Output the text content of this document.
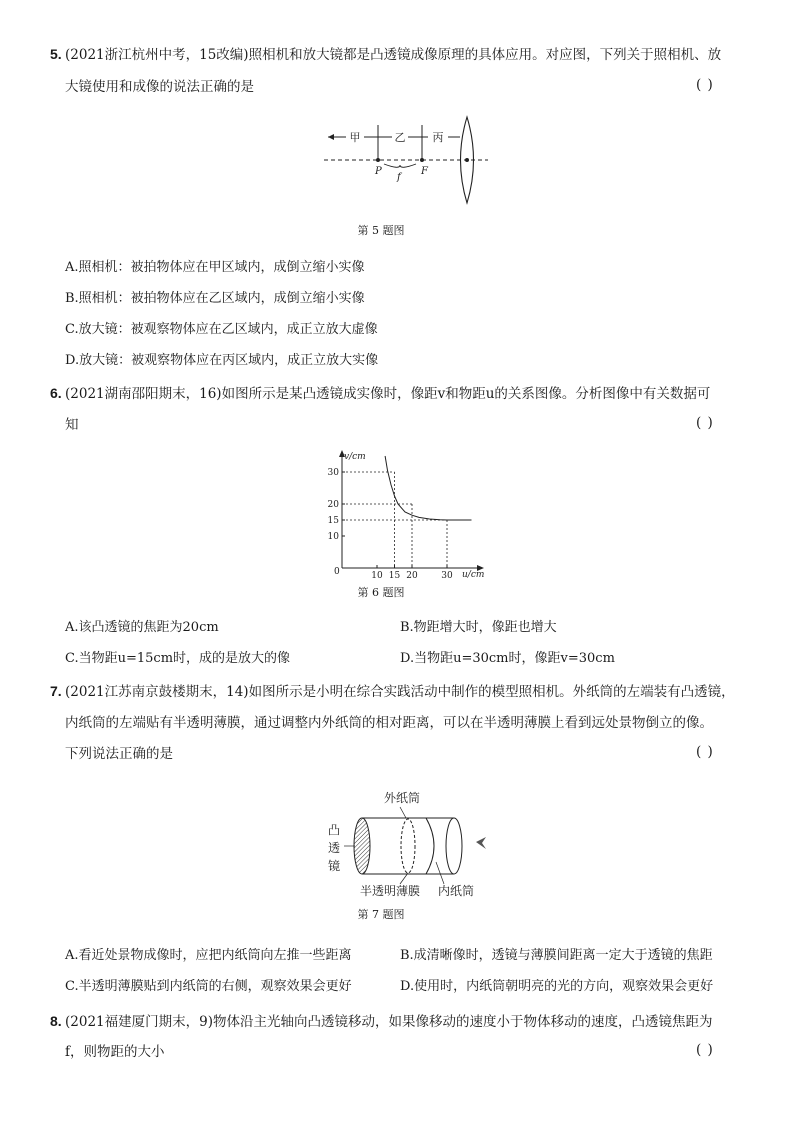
5. (2021浙江杭州中考，15改编)照相机和放大镜都是凸透镜成像原理的具体应用。对应图，下列关于照相机、放
大镜使用和成像的说法正确的是	( )
甲	乙 丙
P	F
f
第 5 题图
A.照相机：被拍物体应在甲区域内，成倒立缩小实像
B.照相机：被拍物体应在乙区域内，成倒立缩小实像
C.放大镜：被观察物体应在乙区域内，成正立放大虚像
D.放大镜：被观察物体应在丙区域内，成正立放大实像
6. (2021湖南邵阳期末，16)如图所示是某凸透镜成实像时，像距v和物距u的关系图像。分析图像中有关数据可
知	( )
v/cm
u/cm
0	10 15 20	30
10
15
20
30
第 6 题图
A.该凸透镜的焦距为20cm	B.物距增大时，像距也增大
C.当物距u=15cm时，成的是放大的像	D.当物距u=30cm时，像距v=30cm
7. (2021江苏南京鼓楼期末，14)如图所示是小明在综合实践活动中制作的模型照相机。外纸筒的左端装有凸透镜，
内纸筒的左端贴有半透明薄膜，通过调整内外纸筒的相对距离，可以在半透明薄膜上看到远处景物倒立的像。
下列说法正确的是	( )
外纸筒
凸
透
镜
半透明薄膜 内纸筒
第 7 题图
A.看近处景物成像时，应把内纸筒向左推一些距离	B.成清晰像时，透镜与薄膜间距离一定大于透镜的焦距
C.半透明薄膜贴到内纸筒的右侧，观察效果会更好	D.使用时，内纸筒朝明亮的光的方向，观察效果会更好
8. (2021福建厦门期末，9)物体沿主光轴向凸透镜移动，如果像移动的速度小于物体移动的速度，凸透镜焦距为
f，则物距的大小	( )
